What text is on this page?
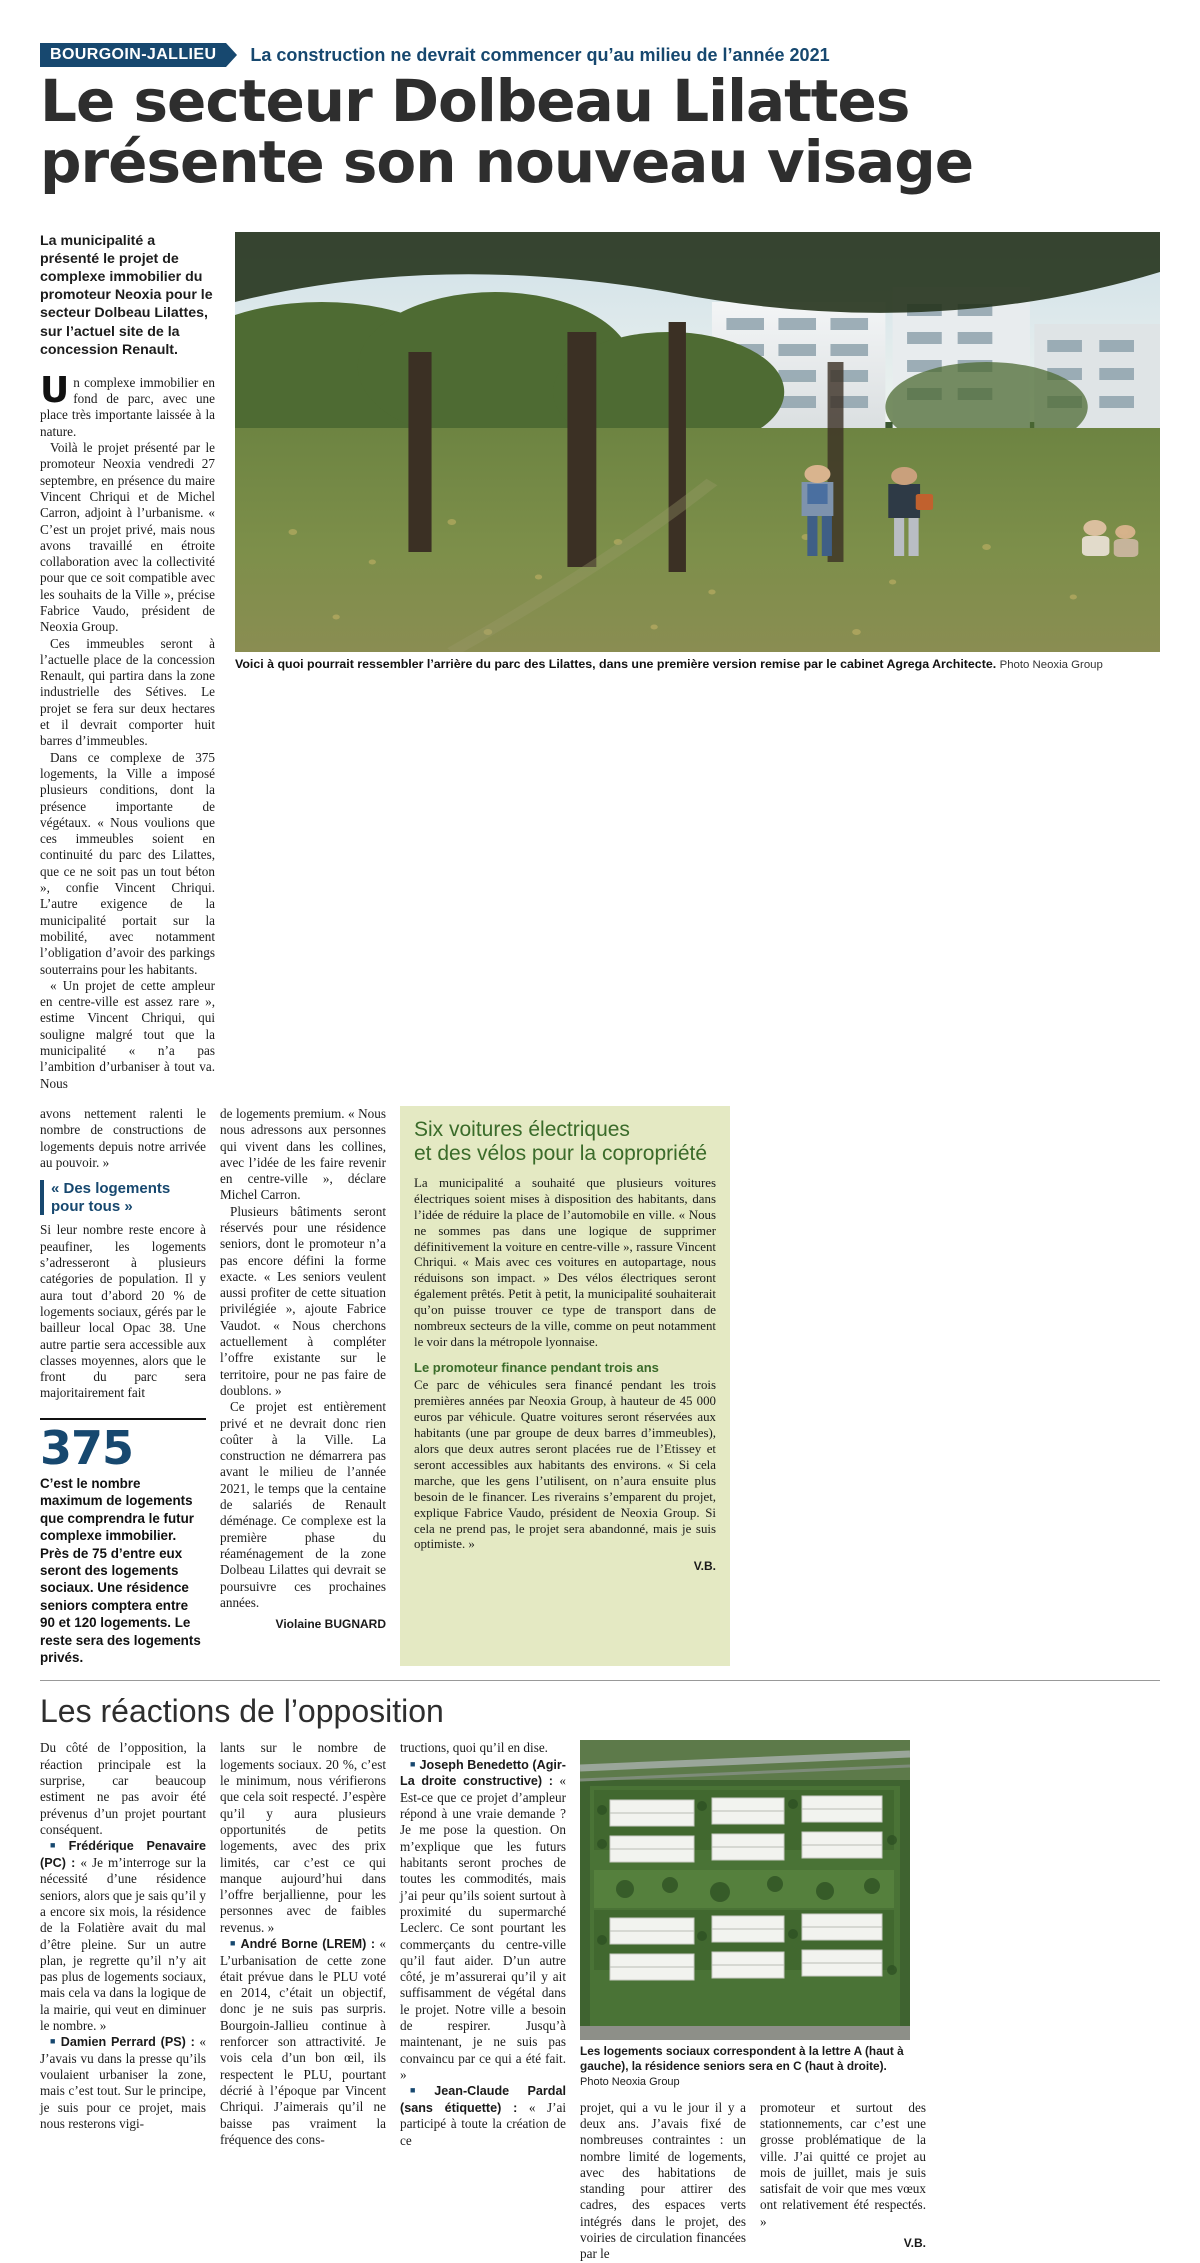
BOURGOIN-JALLIEU	La construction ne devrait commencer qu’au milieu de l’année 2021
Le secteur Dolbeau Lilattes
présente son nouveau visage
La municipalité a présenté le projet de complexe immobilier du promoteur Neoxia pour le secteur Dolbeau Lilattes, sur l’actuel site de la concession Renault.

Un complexe immobilier en fond de parc, avec une place très importante laissée à la nature.

Voilà le projet présenté par le promoteur Neoxia vendredi 27 septembre, en présence du maire Vincent Chriqui et de Michel Carron, adjoint à l’urbanisme. « C’est un projet privé, mais nous avons travaillé en étroite collaboration avec la collectivité pour que ce soit compatible avec les souhaits de la Ville », précise Fabrice Vaudo, président de Neoxia Group.

Ces immeubles seront à l’actuelle place de la concession Renault, qui partira dans la zone industrielle des Sétives. Le projet se fera sur deux hectares et il devrait comporter huit barres d’immeubles.

Dans ce complexe de 375 logements, la Ville a imposé plusieurs conditions, dont la présence importante de végétaux. « Nous voulions que ces immeubles soient en continuité du parc des Lilattes, que ce ne soit pas un tout béton », confie Vincent Chriqui. L’autre exigence de la municipalité portait sur la mobilité, avec notamment l’obligation d’avoir des parkings souterrains pour les habitants.

« Un projet de cette ampleur en centre-ville est assez rare », estime Vincent Chriqui, qui souligne malgré tout que la municipalité « n’a pas l’ambition d’urbaniser à tout va. Nous

Voici à quoi pourrait ressembler l’arrière du parc des Lilattes, dans une première version remise par le cabinet Agrega Architecte. Photo Neoxia Group

avons nettement ralenti le nombre de constructions de logements depuis notre arrivée au pouvoir. »

« Des logements pour tous »

Si leur nombre reste encore à peaufiner, les logements s’adresseront à plusieurs catégories de population. Il y aura tout d’abord 20 % de logements sociaux, gérés par le bailleur local Opac 38. Une autre partie sera accessible aux classes moyennes, alors que le front du parc sera majoritairement fait

375
C’est le nombre maximum de logements que comprendra le futur complexe immobilier. Près de 75 d’entre eux seront des logements sociaux. Une résidence seniors comptera entre 90 et 120 logements. Le reste sera des logements privés.

de logements premium. « Nous nous adressons aux personnes qui vivent dans les collines, avec l’idée de les faire revenir en centre-ville », déclare Michel Carron.

Plusieurs bâtiments seront réservés pour une résidence seniors, dont le promoteur n’a pas encore défini la forme exacte. « Les seniors veulent aussi profiter de cette situation privilégiée », ajoute Fabrice Vaudot. « Nous cherchons actuellement à compléter l’offre existante sur le territoire, pour ne pas faire de doublons. »

Ce projet est entièrement privé et ne devrait donc rien coûter à la Ville. La construction ne démarrera pas avant le milieu de l’année 2021, le temps que la centaine de salariés de Renault déménage. Ce complexe est la première phase du réaménagement de la zone Dolbeau Lilattes qui devrait se poursuivre ces prochaines années.

Violaine BUGNARD
Six voitures électriques
et des vélos pour la copropriété

La municipalité a souhaité que plusieurs voitures électriques soient mises à disposition des habitants, dans l’idée de réduire la place de l’automobile en ville. « Nous ne sommes pas dans une logique de supprimer définitivement la voiture en centre-ville », rassure Vincent Chriqui. « Mais avec ces voitures en autopartage, nous réduisons son impact. » Des vélos électriques seront également prêtés. Petit à petit, la municipalité souhaiterait qu’on puisse trouver ce type de transport dans de nombreux secteurs de la ville, comme on peut notamment le voir dans la métropole lyonnaise.

Le promoteur finance pendant trois ans

Ce parc de véhicules sera financé pendant les trois premières années par Neoxia Group, à hauteur de 45 000 euros par véhicule. Quatre voitures seront réservées aux habitants (une par groupe de deux barres d’immeubles), alors que deux autres seront placées rue de l’Etissey et seront accessibles aux habitants des environs. « Si cela marche, que les gens l’utilisent, on n’aura ensuite plus besoin de le financer. Les riverains s’emparent du projet, explique Fabrice Vaudo, président de Neoxia Group. Si cela ne prend pas, le projet sera abandonné, mais je suis optimiste. »

V.B.
Les réactions de l’opposition

Du côté de l’opposition, la réaction principale est la surprise, car beaucoup estiment ne pas avoir été prévenus d’un projet pourtant conséquent.

■ Frédérique Penavaire (PC) : « Je m’interroge sur la nécessité d’une résidence seniors, alors que je sais qu’il y a encore six mois, la résidence de la Folatière avait du mal d’être pleine. Sur un autre plan, je regrette qu’il n’y ait pas plus de logements sociaux, mais cela va dans la logique de la mairie, qui veut en diminuer le nombre. »

■ Damien Perrard (PS) : « J’avais vu dans la presse qu’ils voulaient urbaniser la zone, mais c’est tout. Sur le principe, je suis pour ce projet, mais nous resterons vigi-

lants sur le nombre de logements sociaux. 20 %, c’est le minimum, nous vérifierons que cela soit respecté. J’espère qu’il y aura plusieurs opportunités de petits logements, avec des prix limités, car c’est ce qui manque aujourd’hui dans l’offre berjallienne, pour les personnes avec de faibles revenus. »

■ André Borne (LREM) : « L’urbanisation de cette zone était prévue dans le PLU voté en 2014, c’était un objectif, donc je ne suis pas surpris. Bourgoin-Jallieu continue à renforcer son attractivité. Je vois cela d’un bon œil, ils respectent le PLU, pourtant décrié à l’époque par Vincent Chriqui. J’aimerais qu’il ne baisse pas vraiment la fréquence des cons-

tructions, quoi qu’il en dise.

■ Joseph Benedetto (Agir-La droite constructive) : « Est-ce que ce projet d’ampleur répond à une vraie demande ? Je me pose la question. On m’explique que les futurs habitants seront proches de toutes les commodités, mais j’ai peur qu’ils soient surtout à proximité du supermarché Leclerc. Ce sont pourtant les commerçants du centre-ville qu’il faut aider. D’un autre côté, je m’assurerai qu’il y ait suffisamment de végétal dans le projet. Notre ville a besoin de respirer. Jusqu’à maintenant, je ne suis pas convaincu par ce qui a été fait. »

■ Jean-Claude Pardal (sans étiquette) : « J’ai participé à toute la création de ce

Les logements sociaux correspondent à la lettre A (haut à gauche), la résidence seniors sera en C (haut à droite). Photo Neoxia Group

projet, qui a vu le jour il y a deux ans. J’avais fixé de nombreuses contraintes : un nombre limité de logements, avec des habitations de standing pour attirer des cadres, des espaces verts intégrés dans le projet, des voiries de circulation financées par le

promoteur et surtout des stationnements, car c’est une grosse problématique de la ville. J’ai quitté ce projet au mois de juillet, mais je suis satisfait de voir que mes vœux ont relativement été respectés. »

V.B.
